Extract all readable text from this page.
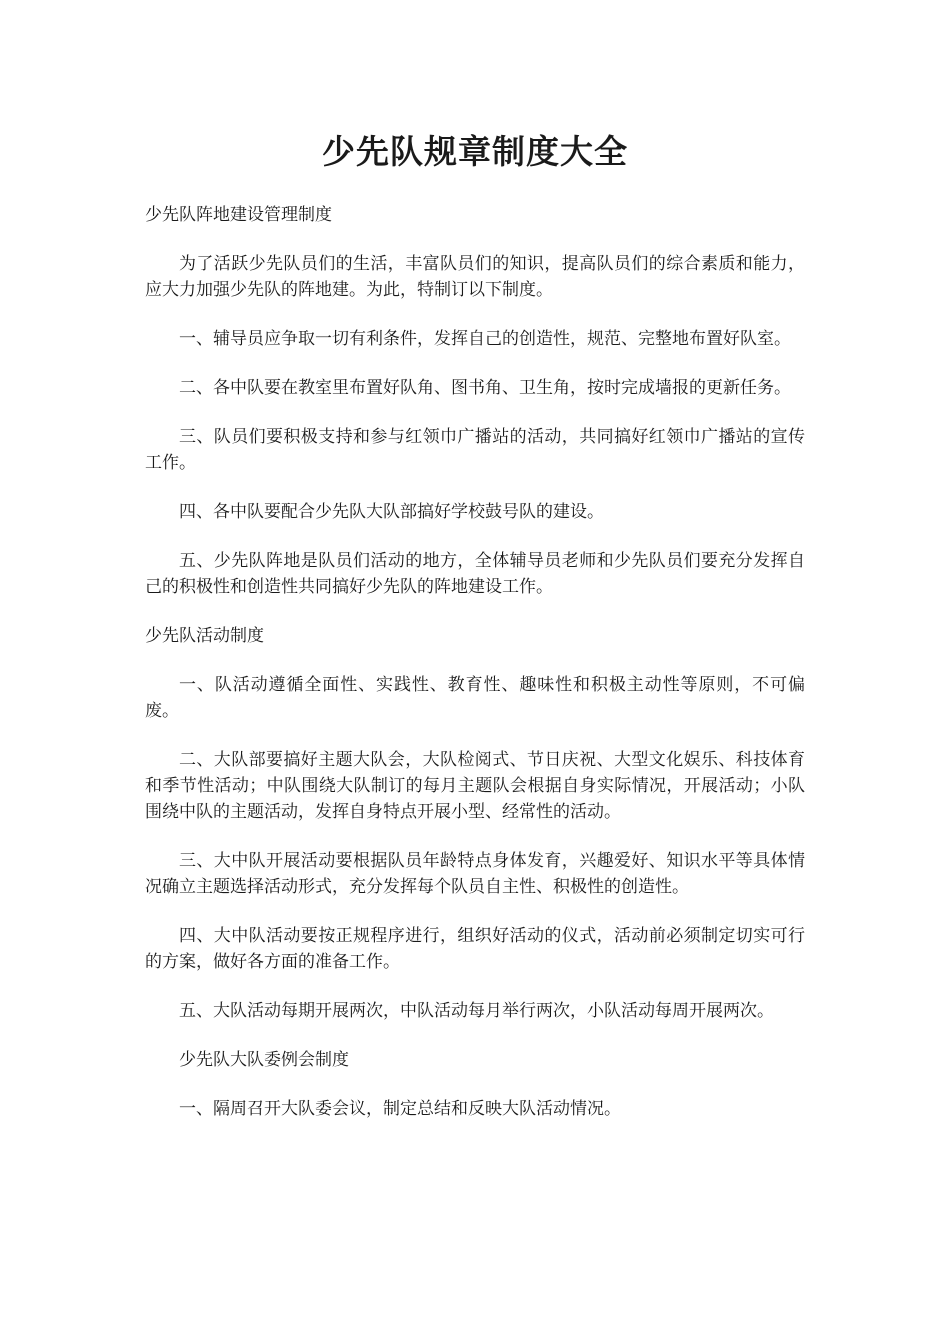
少先队规章制度大全

少先队阵地建设管理制度

为了活跃少先队员们的生活，丰富队员们的知识，提高队员们的综合素质和能力，应大力加强少先队的阵地建。为此，特制订以下制度。

一、辅导员应争取一切有利条件，发挥自己的创造性，规范、完整地布置好队室。

二、各中队要在教室里布置好队角、图书角、卫生角，按时完成墙报的更新任务。

三、队员们要积极支持和参与红领巾广播站的活动，共同搞好红领巾广播站的宣传工作。

四、各中队要配合少先队大队部搞好学校鼓号队的建设。

五、少先队阵地是队员们活动的地方，全体辅导员老师和少先队员们要充分发挥自己的积极性和创造性共同搞好少先队的阵地建设工作。

少先队活动制度

一、队活动遵循全面性、实践性、教育性、趣味性和积极主动性等原则，不可偏废。

二、大队部要搞好主题大队会，大队检阅式、节日庆祝、大型文化娱乐、科技体育和季节性活动；中队围绕大队制订的每月主题队会根据自身实际情况，开展活动；小队围绕中队的主题活动，发挥自身特点开展小型、经常性的活动。

三、大中队开展活动要根据队员年龄特点身体发育，兴趣爱好、知识水平等具体情况确立主题选择活动形式，充分发挥每个队员自主性、积极性的创造性。

四、大中队活动要按正规程序进行，组织好活动的仪式，活动前必须制定切实可行的方案，做好各方面的准备工作。

五、大队活动每期开展两次，中队活动每月举行两次，小队活动每周开展两次。

少先队大队委例会制度

一、隔周召开大队委会议，制定总结和反映大队活动情况。
